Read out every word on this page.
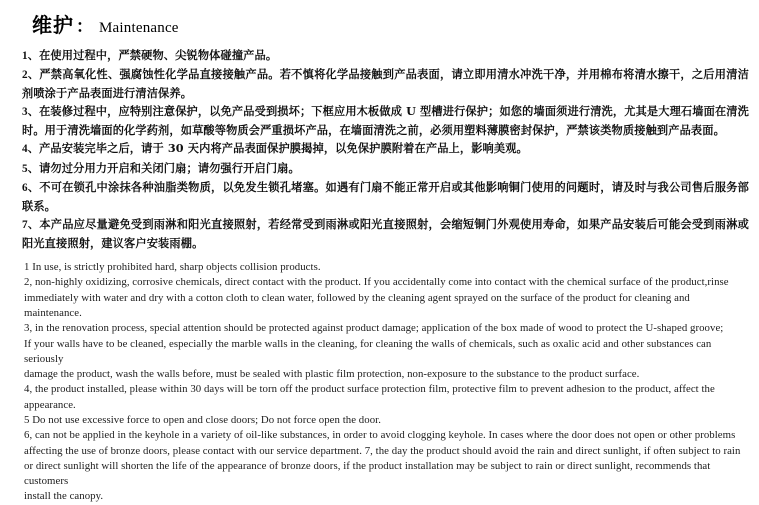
维护 ： Maintenance

1、在使用过程中，严禁硬物、尖锐物体碰撞产品。

2、严禁高氧化性、强腐蚀性化学品直接接触产品。若不慎将化学品接触到产品表面，请立即用清水冲洗干净，并用棉布将清水擦干，之后用清洁剂喷涂于产品表面进行清洁保养。

3、在装修过程中，应特别注意保护，以免产品受到损坏；下框应用木板做成 U 型槽进行保护；如您的墙面须进行清洗，尤其是大理石墙面在清洗时。用于清洗墙面的化学药剂，如草酸等物质会严重损坏产品，在墙面清洗之前，必须用塑料薄膜密封保护，严禁该类物质接触到产品表面。

4、产品安装完毕之后，请于 30 天内将产品表面保护膜揭掉，以免保护膜附着在产品上，影响美观。

5、请勿过分用力开启和关闭门扇；请勿强行开启门扇。

6、不可在锁孔中涂抹各种油脂类物质，以免发生锁孔堵塞。如遇有门扇不能正常开启或其他影响铜门使用的问题时，请及时与我公司售后服务部联系。

7、本产品应尽量避免受到雨淋和阳光直接照射，若经常受到雨淋或阳光直接照射，会缩短铜门外观使用寿命，如果产品安装后可能会受到雨淋或阳光直接照射，建议客户安装雨棚。

1 In use, is strictly prohibited hard, sharp objects collision products.

2, non-highly oxidizing, corrosive chemicals, direct contact with the product. If you accidentally come into contact with the chemical surface of the product,rinse

immediately with water and dry with a cotton cloth to clean water, followed by the cleaning agent sprayed on the surface of the product for cleaning and maintenance.

3, in the renovation process, special attention should be protected against product damage; application of the box made of wood to protect the U-shaped groove;

If your walls have to be cleaned, especially the marble walls in the cleaning, for cleaning the walls of chemicals, such as oxalic acid and other substances can seriously

damage the product, wash the walls before, must be sealed with plastic film protection, non-exposure to the substance to the product surface.

4, the product installed, please within 30 days will be torn off the product surface protection film, protective film to prevent adhesion to the product, affect the appearance.

5 Do not use excessive force to open and close doors; Do not force open the door.

6, can not be applied in the keyhole in a variety of oil-like substances, in order to avoid clogging keyhole. In cases where the door does not open or other problems

affecting the use of bronze doors, please contact with our service department. 7, the day the product should avoid the rain and direct sunlight, if often subject to rain

or direct sunlight will shorten the life of the appearance of bronze doors, if the product installation may be subject to rain or direct sunlight, recommends that customers

install the canopy.
